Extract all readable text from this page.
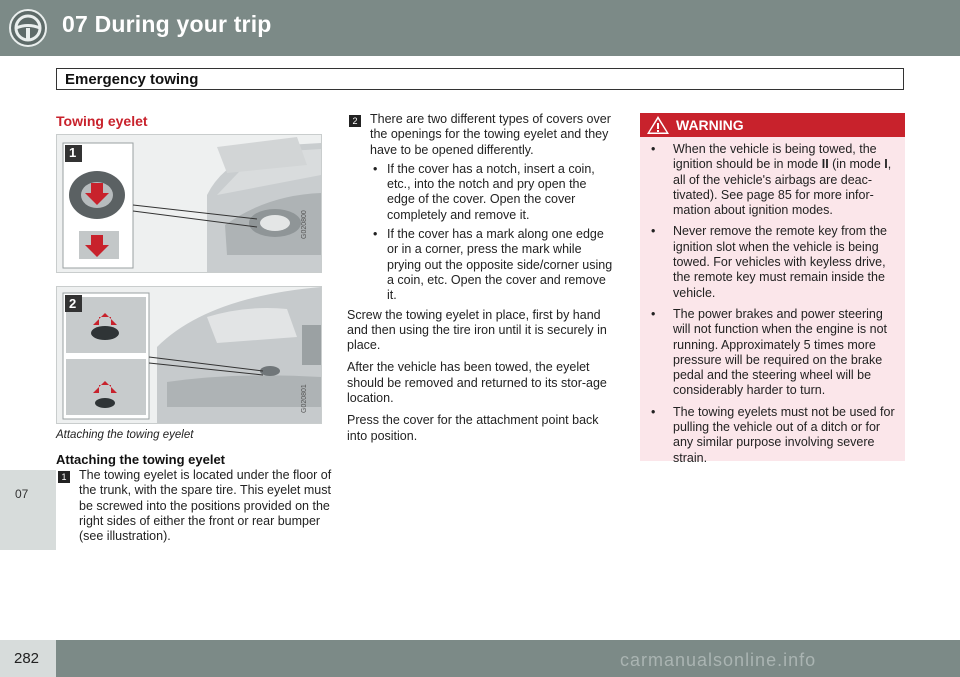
07 During your trip
07
Emergency towing
Towing eyelet
1
G020800
2
G020801
Attaching the towing eyelet
Attaching the towing eyelet
1 The towing eyelet is located under the floor of the trunk, with the spare tire. This eyelet must be screwed into the positions provided on the right sides of either the front or rear bumper (see illustration).

2 There are two different types of covers over the openings for the towing eyelet and they have to be opened differently.

• If the cover has a notch, insert a coin, etc., into the notch and pry open the edge of the cover. Open the cover completely and remove it.
• If the cover has a mark along one edge or in a corner, press the mark while prying out the opposite side/corner using a coin, etc. Open the cover and remove it.

Screw the towing eyelet in place, first by hand and then using the tire iron until it is securely in place.

After the vehicle has been towed, the eyelet should be removed and returned to its stor-age location.

Press the cover for the attachment point back into position.

WARNING
• When the vehicle is being towed, the ignition should be in mode II (in mode I, all of the vehicle's airbags are deac-tivated). See page 85 for more infor-mation about ignition modes.
• Never remove the remote key from the ignition slot when the vehicle is being towed. For vehicles with keyless drive, the remote key must remain inside the vehicle.
• The power brakes and power steering will not function when the engine is not running. Approximately 5 times more pressure will be required on the brake pedal and the steering wheel will be considerably harder to turn.
• The towing eyelets must not be used for pulling the vehicle out of a ditch or for any similar purpose involving severe strain.
282	carmanualsonline.info
